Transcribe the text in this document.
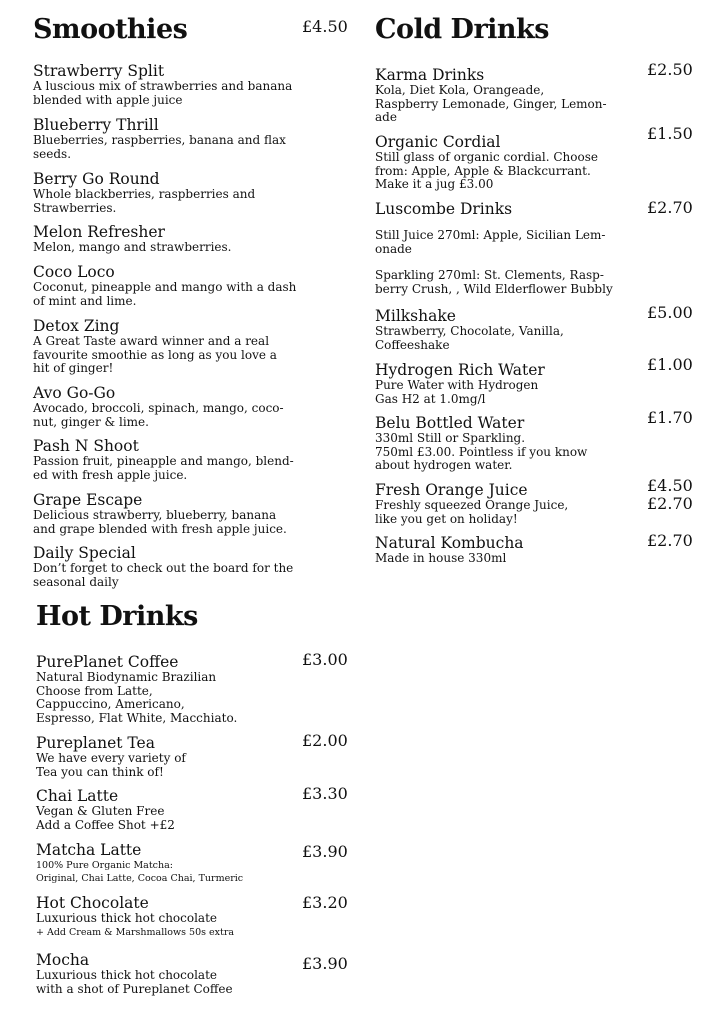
Smoothies	£4.50
Strawberry Split
A luscious mix of strawberries and banana
blended with apple juice
Blueberry Thrill
Blueberries, raspberries, banana and flax
seeds.
Berry Go Round
Whole blackberries, raspberries and
Strawberries.
Melon Refresher
Melon, mango and strawberries.
Coco Loco
Coconut, pineapple and mango with a dash
of mint and lime.
Detox Zing
A Great Taste award winner and a real
favourite smoothie as long as you love a
hit of ginger!
Avo Go-Go
Avocado, broccoli, spinach, mango, coco-
nut, ginger & lime.
Pash N Shoot
Passion fruit, pineapple and mango, blend-
ed with fresh apple juice.
Grape Escape
Delicious strawberry, blueberry, banana
and grape blended with fresh apple juice.
Daily Special
Don’t forget to check out the board for the
seasonal daily
Hot Drinks
PurePlanet Coffee
Natural Biodynamic Brazilian
Choose from Latte,
Cappuccino, Americano,
Espresso, Flat White, Macchiato.
£3.00
Pureplanet Tea
We have every variety of
Tea you can think of!
£2.00
Chai Latte
Vegan & Gluten Free
Add a Coffee Shot +£2
£3.30
Matcha Latte
100% Pure Organic Matcha:
Original, Chai Latte, Cocoa Chai, Turmeric
£3.90
Hot Chocolate
Luxurious thick hot chocolate
+ Add Cream & Marshmallows 50s extra
£3.20
Mocha
Luxurious thick hot chocolate
with a shot of Pureplanet Coffee
£3.90
Cold Drinks
Karma Drinks
Kola, Diet Kola, Orangeade,
Raspberry Lemonade, Ginger, Lemon-
ade
£2.50
Organic Cordial
Still glass of organic cordial. Choose
from: Apple, Apple & Blackcurrant.
Make it a jug £3.00
£1.50
Luscombe Drinks
Still Juice 270ml: Apple, Sicilian Lem-
onade
Sparkling 270ml: St. Clements, Rasp-
berry Crush, , Wild Elderflower Bubbly
£2.70
Milkshake
Strawberry, Chocolate, Vanilla,
Coffeeshake
£5.00
Hydrogen Rich Water
Pure Water with Hydrogen
Gas H2 at 1.0mg/l
£1.00
Belu Bottled Water
330ml Still or Sparkling.
750ml £3.00. Pointless if you know
about hydrogen water.
£1.70
Fresh Orange Juice
Freshly squeezed Orange Juice,
like you get on holiday!
£4.50
£2.70
Natural Kombucha
Made in house 330ml
£2.70
